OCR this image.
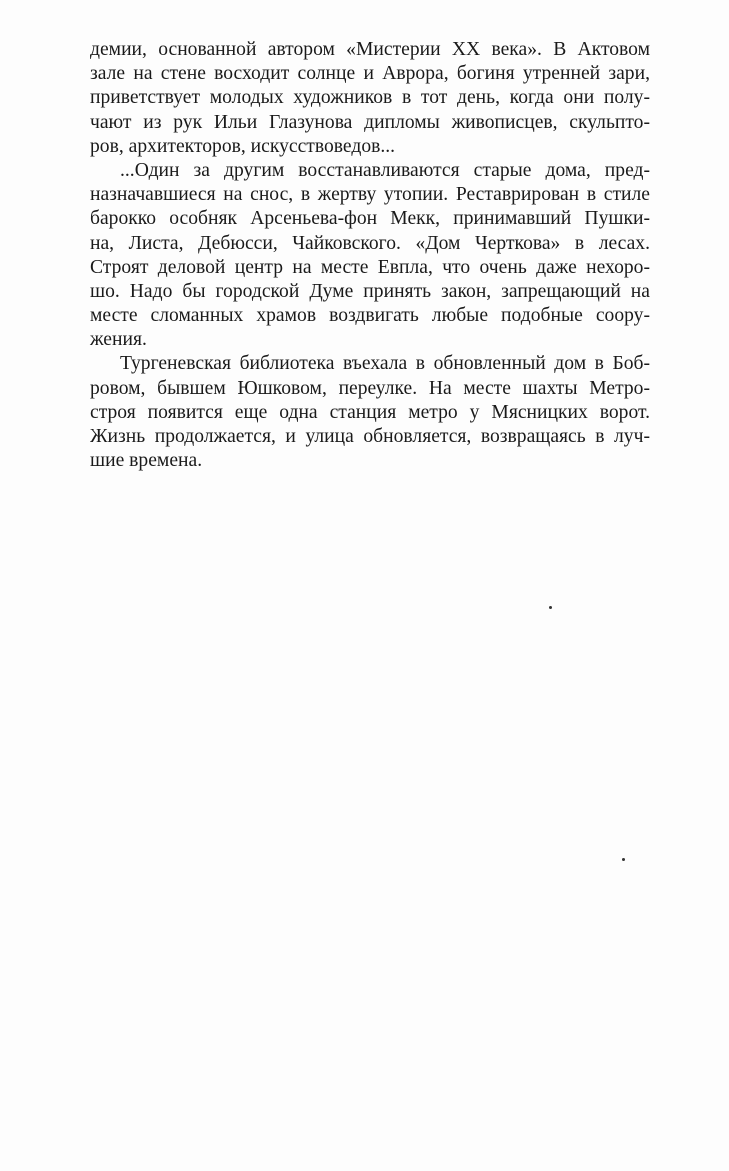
демии, основанной автором «Мистерии XX века». В Актовом
зале на стене восходит солнце и Аврора, богиня утренней зари,
приветствует молодых художников в тот день, когда они полу-
чают из рук Ильи Глазунова дипломы живописцев, скульпто-
ров, архитекторов, искусствоведов...
...Один за другим восстанавливаются старые дома, пред-
назначавшиеся на снос, в жертву утопии. Реставрирован в стиле
барокко особняк Арсеньева-фон Мекк, принимавший Пушки-
на, Листа, Дебюсси, Чайковского. «Дом Черткова» в лесах.
Строят деловой центр на месте Евпла, что очень даже нехоро-
шо. Надо бы городской Думе принять закон, запрещающий на
месте сломанных храмов воздвигать любые подобные соору-
жения.
Тургеневская библиотека въехала в обновленный дом в Боб-
ровом, бывшем Юшковом, переулке. На месте шахты Метро-
строя появится еще одна станция метро у Мясницких ворот.
Жизнь продолжается, и улица обновляется, возвращаясь в луч-
шие времена.
